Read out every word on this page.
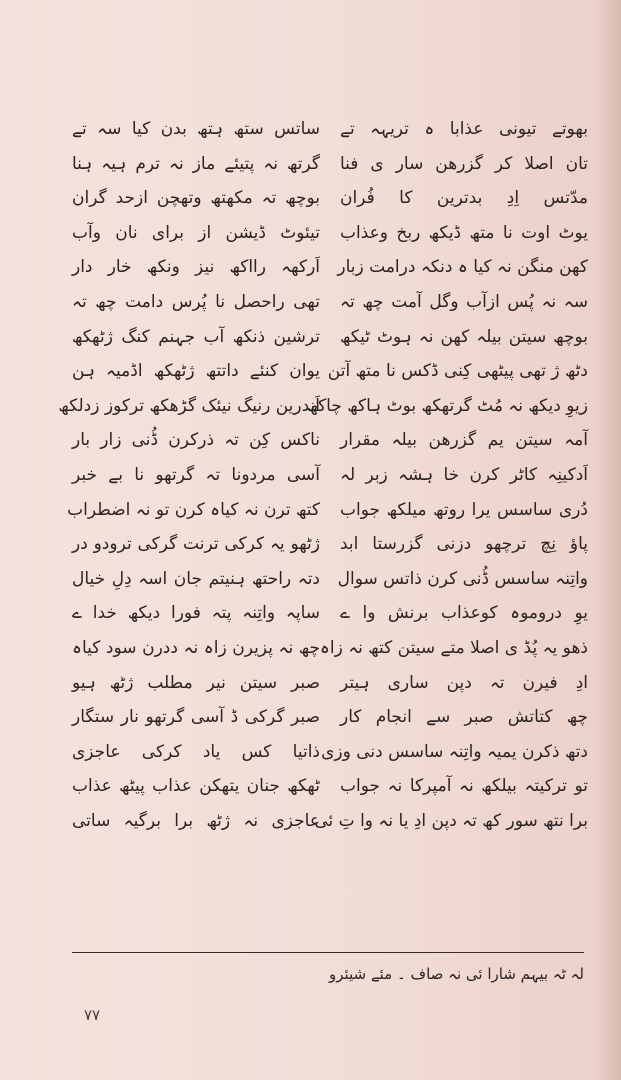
بھوتے تیونی عذابا ہ تریہہ تے
تان اصلا کر گزرھن سار ی فنا
مدّتس اِدِ بدترین کا فُران
یوٹ اوت نا متھ ڈیکھ ربخ وعذاب
کھن منگن نہ کیا ہ دنکہ درامت زبار
سہ نہ پُس ازآب وگل آمت چھ تہ
بوچھ سیتن بیلہ کھن نہ ہوٹ ٹیکھ
دٹھ ژ تھی پیٹھی کِنی ڈکس نا متھ آتن
زیوِ دیکھ نہ مُٹ گرتھکھ بوٹ ہاکھ چاکھ
آمہ سیتن یم گزرھن بیلہ مقرار
اَدکینِہ کاٹر کرن خا ہشہ زبر لہ
دُری ساسس یرا روتھ میلکھ جواب
پاؤ نِچ ترچھو دزنی گزرستا ابد
واتِنہ ساسس ڈُنی کرن ذاتس سوال
یوِ دروموہ کوعذاب برنش وا ے
ذھو یہ پُڈ ی اصلا متے سیتن کتھ نہ زاہ
ادِ فیرن تہ دپن ساری ہیتر
چھ کتاتش صبر سے انجام کار
دتھ ذکرن یمیہ واتِنہ ساسس دنی وزی
تو ترکیتہ بیلکھ نہ آمپرکا نہ جواب
برا نتھ سور کھ تہ دپن ادِ یا نہ وا تِ ئی
ساتس ستھ ہتھ بدن کیا سہ تے
گرتھ نہ پتیئے ماز نہ ترم ہیہ ہنا
بوچھ تہ مکھتھ وتھچن ازحد گران
تیئوٹ ڈیشن از برای نان وآب
اَرکھہ رااکھ نیز ونکھ خار دار
تھی راحصل نا پُرس دامت چھ تہ
ترشین ذنکھ آب جہنم کنگ ژٹھکھ
یوان کنئے داتتھ ژٹھکھ اڈمیہ ہن
اَندرین رنیگ نیئک گڑھکھ ترکوز زدلکھ
ناکس کِن تہ ذرکرن ڈُنی زار بار
آسی مردونا تہ گرتھو نا بے خبر
کتھ ترن نہ کیاہ کرن تو نہ اضطراب
ژٹھو یہ کرکی ترنت گرکی ترودو در
دتہ راحتھ ہنیتم جان اسہ دِلِ خیال
ساپہ واتِنہ پتہ فورا دیکھ خدا ے
چھ نہ پزیرن زاہ نہ ددرن سود کیاہ
صبر سیتن نیر مطلب ژٹھ ہیو
صبر گرکی ڈ آسی گرتھو نار ستگار
ذاتیا کس یاد کرکی عاجزی
ٹھکھ جنان یتھکن عذاب پیٹھ عذاب
عاجزی نہ ژٹھ برا برگیہ ساتی
لہ ٹہ بیہم شارا ئی نہ صاف ۔ مئے شیئرو
۷۷
